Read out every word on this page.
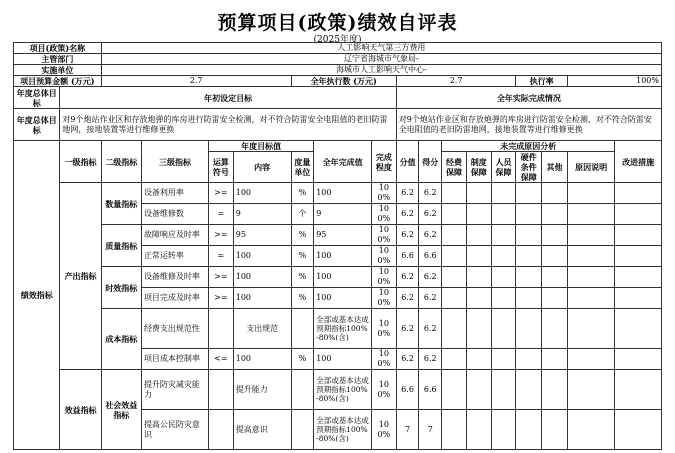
预算项目(政策)绩效自评表
(2025年度)
项目(政策)名称		人工影响天气第三方费用															
主管部门		辽宁省海城市气象局-															
实施单位		海城市人工影响天气中心-															
项目预算金额 (万元)		2.7				全年执行数 (万元)			2.7					执行率		100%	
年度总体目标	年初设定目标								全年实际完成情况								
年度总体目标	对9个炮站作业区和存放炮弹的库房进行防雷安全检测，对不符合防雷安全电阻值的老旧防雷地网，接地装置等进行维修更换								对9个炮站作业区和存放炮弹的库房进行防雷安全检测，对不符合防雷安全电阻值的老旧防雷地网，接地装置等进行维修更换								
绩效指标	一级指标	二级指标	三级指标	年度目标值			全年完成值	完成程度	分值	得分	未完成原因分析						改进措施
				运算符号	内容	度量单位					经费保障	制度保障	人员保障	硬件条件保障	其他	原因说明	
	产出指标	数量指标	设备利用率	>=	100	%	100	100%	6.2	6.2							
			设备维修数	=	9	个	9	100%	6.2	6.2							
		质量指标	故障响应及时率	>=	95	%	95	100%	6.2	6.2							
			正常运转率	=	100	%	100	100%	6.6	6.6							
		时效指标	设备维修及时率	>=	100	%	100	100%	6.2	6.2							
			项目完成及时率	>=	100	%	100	100%	6.2	6.2							
		成本指标	经费支出规范性		支出规范		全部或基本达成预期指标100%-80%(含)	100%	6.2	6.2							
			项目成本控制率	<=	100	%	100	100%	6.2	6.2							
	效益指标	社会效益指标	提升防灾减灾能力		提升能力		全部或基本达成预期指标100%-80%(含)	100%	6.6	6.6							
			提高公民防灾意识		提高意识		全部或基本达成预期指标100%-80%(含)	100%	7	7							
